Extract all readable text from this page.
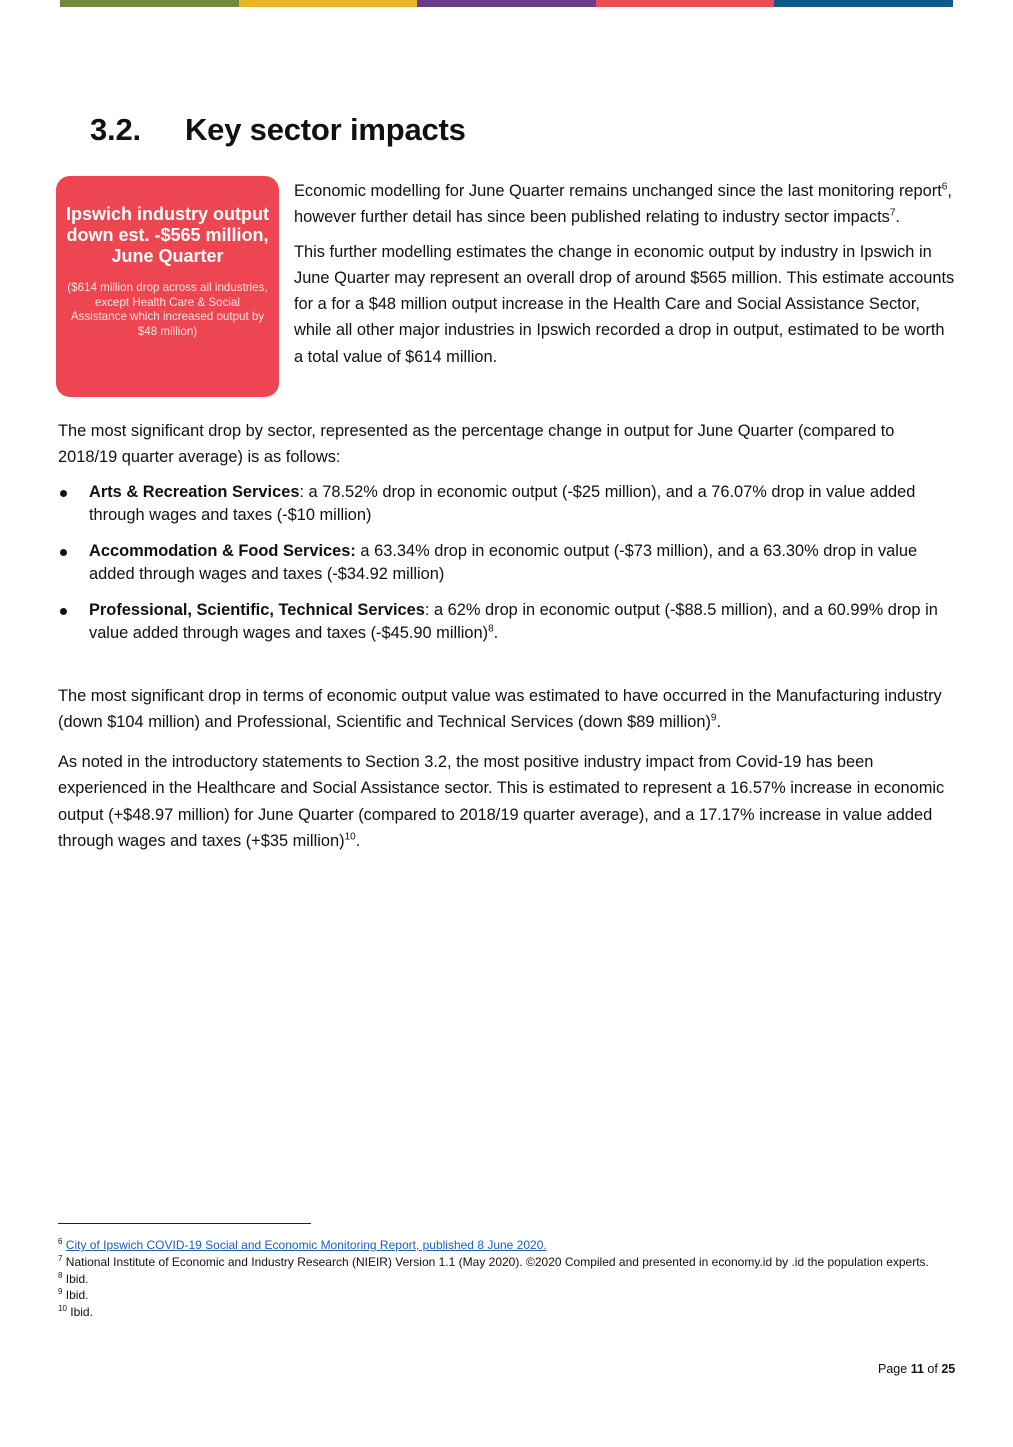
3.2. Key sector impacts
Ipswich industry output down est. -$565 million, June Quarter
($614 million drop across all industries, except Health Care & Social Assistance which increased output by $48 million)

Economic modelling for June Quarter remains unchanged since the last monitoring report$^6$, however further detail has since been published relating to industry sector impacts$^7$.

This further modelling estimates the change in economic output by industry in Ipswich in June Quarter may represent an overall drop of around $565 million. This estimate accounts for a for a $48 million output increase in the Health Care and Social Assistance Sector, while all other major industries in Ipswich recorded a drop in output, estimated to be worth a total value of $614 million.

The most significant drop by sector, represented as the percentage change in output for June Quarter (compared to 2018/19 quarter average) is as follows:

Arts & Recreation Services: a 78.52% drop in economic output (-$25 million), and a 76.07% drop in value added through wages and taxes (-$10 million)
Accommodation & Food Services: a 63.34% drop in economic output (-$73 million), and a 63.30% drop in value added through wages and taxes (-$34.92 million)
Professional, Scientific, Technical Services: a 62% drop in economic output (-$88.5 million), and a 60.99% drop in value added through wages and taxes (-$45.90 million)$^8$.

The most significant drop in terms of economic output value was estimated to have occurred in the Manufacturing industry (down $104 million) and Professional, Scientific and Technical Services (down $89 million)$^9$.

As noted in the introductory statements to Section 3.2, the most positive industry impact from Covid-19 has been experienced in the Healthcare and Social Assistance sector. This is estimated to represent a 16.57% increase in economic output (+$48.97 million) for June Quarter (compared to 2018/19 quarter average), and a 17.17% increase in value added through wages and taxes (+$35 million)$^{10}$.

$^6$ City of Ipswich COVID-19 Social and Economic Monitoring Report, published 8 June 2020.
$^7$ National Institute of Economic and Industry Research (NIEIR) Version 1.1 (May 2020). ©2020 Compiled and presented in economy.id by .id the population experts.
$^8$ Ibid.
$^9$ Ibid.
$^{10}$ Ibid.
Page 11 of 25
